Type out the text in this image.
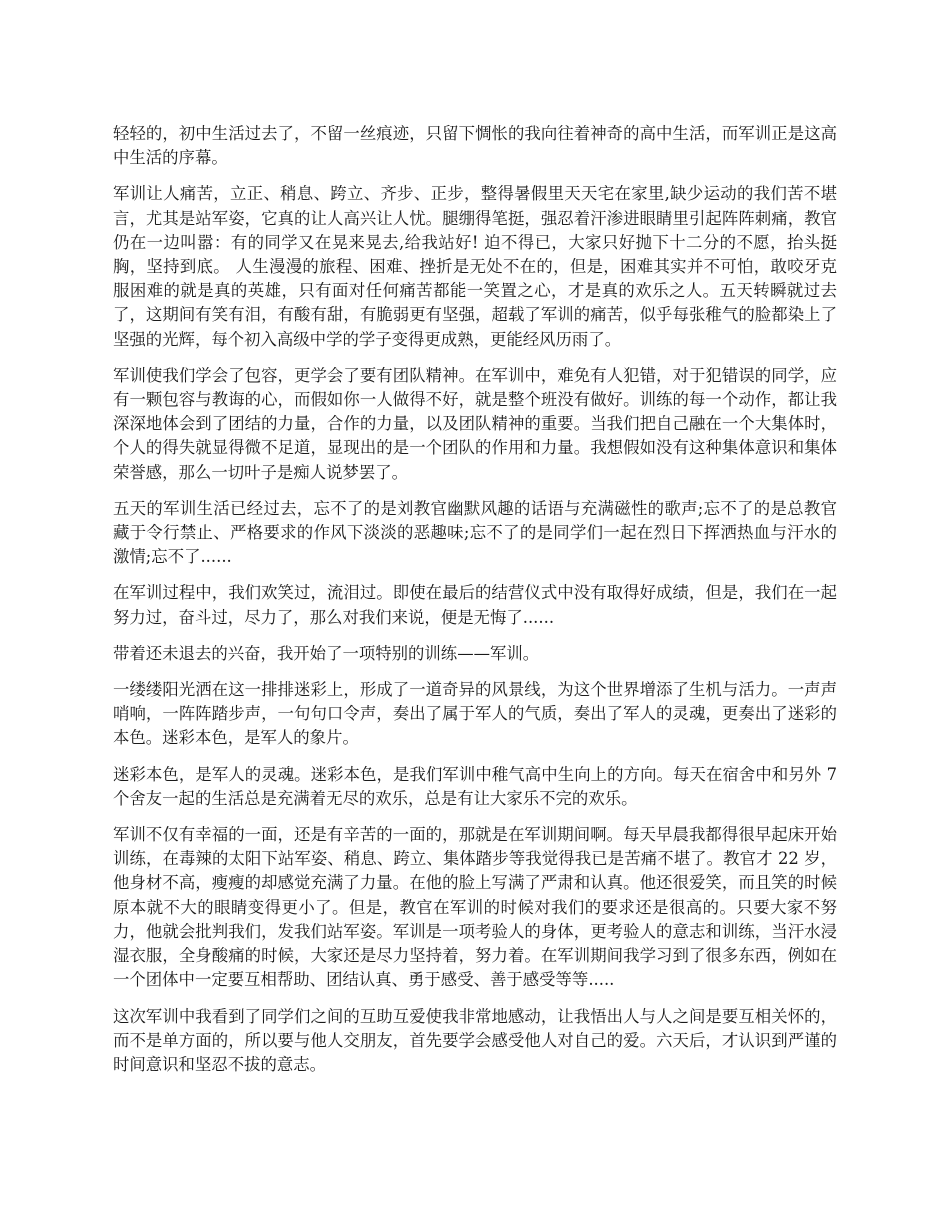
轻轻的，初中生活过去了，不留一丝痕迹，只留下惆怅的我向往着神奇的高中生活，而军训正是这高中生活的序幕。

军训让人痛苦，立正、稍息、跨立、齐步、正步，整得暑假里天天宅在家里,缺少运动的我们苦不堪言，尤其是站军姿，它真的让人高兴让人忧。腿绷得笔挺，强忍着汗渗进眼睛里引起阵阵刺痛，教官仍在一边叫嚣：有的同学又在晃来晃去,给我站好! 迫不得已，大家只好抛下十二分的不愿，抬头挺胸，坚持到底。 人生漫漫的旅程、困难、挫折是无处不在的，但是，困难其实并不可怕，敢咬牙克服困难的就是真的英雄，只有面对任何痛苦都能一笑置之心，才是真的欢乐之人。五天转瞬就过去了，这期间有笑有泪，有酸有甜，有脆弱更有坚强，超载了军训的痛苦，似乎每张稚气的脸都染上了坚强的光辉，每个初入高级中学的学子变得更成熟，更能经风历雨了。

军训使我们学会了包容，更学会了要有团队精神。在军训中，难免有人犯错，对于犯错误的同学，应有一颗包容与教诲的心，而假如你一人做得不好，就是整个班没有做好。训练的每一个动作，都让我深深地体会到了团结的力量，合作的力量，以及团队精神的重要。当我们把自己融在一个大集体时，个人的得失就显得微不足道，显现出的是一个团队的作用和力量。我想假如没有这种集体意识和集体荣誉感，那么一切叶子是痴人说梦罢了。

五天的军训生活已经过去，忘不了的是刘教官幽默风趣的话语与充满磁性的歌声;忘不了的是总教官藏于令行禁止、严格要求的作风下淡淡的恶趣味;忘不了的是同学们一起在烈日下挥洒热血与汗水的激情;忘不了......

在军训过程中，我们欢笑过，流泪过。即使在最后的结营仪式中没有取得好成绩，但是，我们在一起努力过，奋斗过，尽力了，那么对我们来说，便是无悔了......

带着还未退去的兴奋，我开始了一项特别的训练——军训。

一缕缕阳光洒在这一排排迷彩上，形成了一道奇异的风景线，为这个世界增添了生机与活力。一声声哨响，一阵阵踏步声，一句句口令声，奏出了属于军人的气质，奏出了军人的灵魂，更奏出了迷彩的本色。迷彩本色，是军人的象片。

迷彩本色，是军人的灵魂。迷彩本色，是我们军训中稚气高中生向上的方向。每天在宿舍中和另外 7 个舍友一起的生活总是充满着无尽的欢乐，总是有让大家乐不完的欢乐。

军训不仅有幸福的一面，还是有辛苦的一面的，那就是在军训期间啊。每天早晨我都得很早起床开始训练，在毒辣的太阳下站军姿、稍息、跨立、集体踏步等我觉得我已是苦痛不堪了。教官才 22 岁，他身材不高，瘦瘦的却感觉充满了力量。在他的脸上写满了严肃和认真。他还很爱笑，而且笑的时候原本就不大的眼睛变得更小了。但是，教官在军训的时候对我们的要求还是很高的。只要大家不努力，他就会批判我们，发我们站军姿。军训是一项考验人的身体，更考验人的意志和训练，当汗水浸湿衣服，全身酸痛的时候，大家还是尽力坚持着，努力着。在军训期间我学习到了很多东西，例如在一个团体中一定要互相帮助、团结认真、勇于感受、善于感受等等.....

这次军训中我看到了同学们之间的互助互爱使我非常地感动，让我悟出人与人之间是要互相关怀的，而不是单方面的，所以要与他人交朋友，首先要学会感受他人对自己的爱。六天后，才认识到严谨的时间意识和坚忍不拔的意志。
